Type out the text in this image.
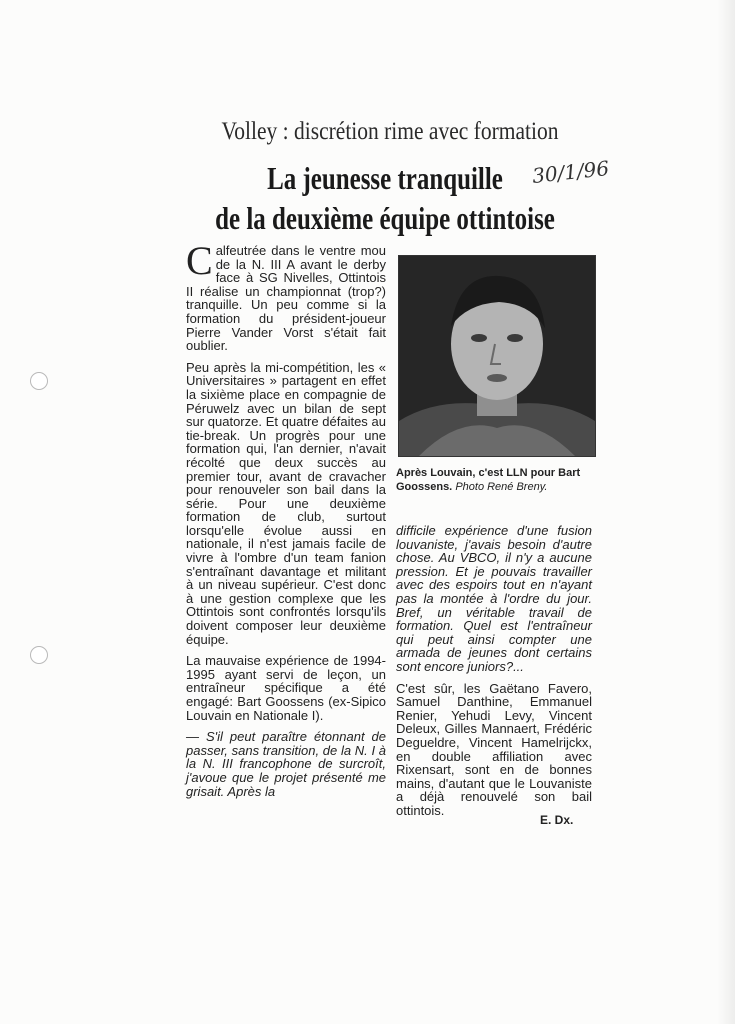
Volley : discrétion rime avec formation
La jeunesse tranquille
de la deuxième équipe ottintoise
30/1/96

Calfeutrée dans le ventre mou de la N. III A avant le derby face à SG Nivelles, Ottintois II réalise un championnat (trop?) tranquille. Un peu comme si la formation du président-joueur Pierre Vander Vorst s'était fait oublier.

Peu après la mi-compétition, les « Universitaires » partagent en effet la sixième place en compagnie de Péruwelz avec un bilan de sept sur quatorze. Et quatre défaites au tie-break. Un progrès pour une formation qui, l'an dernier, n'avait récolté que deux succès au premier tour, avant de cravacher pour renouveler son bail dans la série. Pour une deuxième formation de club, surtout lorsqu'elle évolue aussi en nationale, il n'est jamais facile de vivre à l'ombre d'un team fanion s'entraînant davantage et militant à un niveau supérieur. C'est donc à une gestion complexe que les Ottintois sont confrontés lorsqu'ils doivent composer leur deuxième équipe.

La mauvaise expérience de 1994-1995 ayant servi de leçon, un entraîneur spécifique a été engagé: Bart Goossens (ex-Sipico Louvain en Nationale I).

— S'il peut paraître étonnant de passer, sans transition, de la N. I à la N. III francophone de surcroît, j'avoue que le projet présenté me grisait. Après la

Après Louvain, c'est LLN pour Bart Goossens. Photo René Breny.

difficile expérience d'une fusion louvaniste, j'avais besoin d'autre chose. Au VBCO, il n'y a aucune pression. Et je pouvais travailler avec des espoirs tout en n'ayant pas la montée à l'ordre du jour. Bref, un véritable travail de formation. Quel est l'entraîneur qui peut ainsi compter une armada de jeunes dont certains sont encore juniors?...

C'est sûr, les Gaëtano Favero, Samuel Danthine, Emmanuel Renier, Yehudi Levy, Vincent Deleux, Gilles Mannaert, Frédéric Degueldre, Vincent Hamelrijckx, en double affiliation avec Rixensart, sont en de bonnes mains, d'autant que le Louvaniste a déjà renouvelé son bail ottintois.

E. Dx.
